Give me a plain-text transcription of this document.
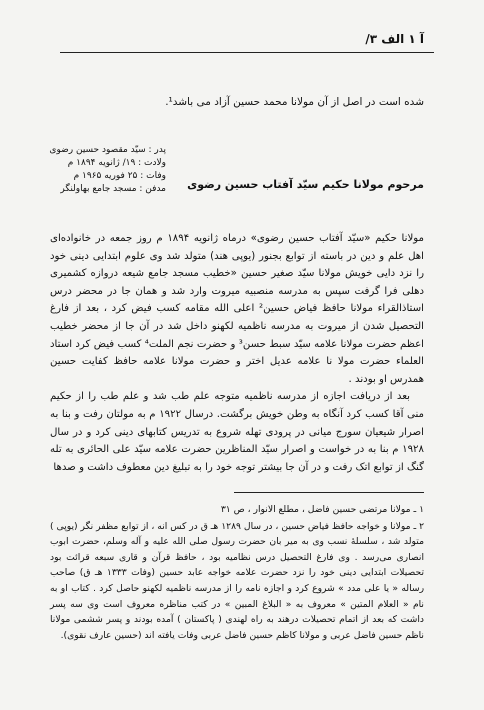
آ ۱ الف ۳/
شده است در اصل از آن مولانا محمد حسین آزاد می باشد¹.
پدر : سیّد مقصود حسین رضوی
ولادت : ۱۹/ ژانویه ۱۸۹۴ م
وفات : ۲۵ فوریه ۱۹۶۵ م
مدفن : مسجد جامع بهاولنگر	مرحوم مولانا حکیم سیّد آفتاب حسین رضوی

مولانا حکیم «سیّد آفتاب حسین رضوی» درماه ژانویه ۱۸۹۴ م روز جمعه در خانواده‌ای اهل علم و دین در باسته از توابع بجنور (یوپی هند) متولد شد وی علوم ابتدایی دینی خود را نزد دایی خویش مولانا سیّد صغیر حسین «خطیب مسجد جامع شیعه دروازه کشمیری دهلی فرا گرفت سپس به مدرسه منصبیه میروت وارد شد و همان جا در محضر درس استاذالقراء مولانا حافظ فیاض حسین² اعلی الله مقامه کسب فیض کرد ، بعد از فارغ التحصیل شدن از میروت به مدرسه ناظمیه لکهنو داخل شد در آن جا از محضر خطیب اعظم حضرت مولانا علامه سیّد سبط حسن³ و حضرت نجم الملت⁴ کسب فیض کرد استاد العلماء حضرت مولا نا علامه عدیل اختر و حضرت مولانا علامه حافظ کفایت حسین همدرس او بودند .

بعد از دریافت اجازه از مدرسه ناظمیه متوجه علم طب شد و علم طب را از حکیم منی آقا کسب کرد آنگاه به وطن خویش برگشت. درسال ۱۹۲۲ م به مولتان رفت و بنا به اصرار شیعیان سورج میانی در پرودی تهله شروع به تدریس کتابهای دینی کرد و در سال ۱۹۲۸ م بنا به در خواست و اصرار سیّد المناظرین حضرت علامه سیّد علی الحائری به تله گنگ از توابع اتک رفت و در آن جا بیشتر توجه خود را به تبلیغ دین معطوف داشت و صدها

۱ ـ مولانا مرتضی حسین فاضل ، مطلع الانوار ، ص ۳۱

۲ ـ مولانا و خواجه حافظ فیاض حسین ، در سال ۱۲۸۹ هـ ق در کس انه ، از توابع مظفر نگر (یوپی ) متولد شد ، سلسلهٔ نسب وی به میر بان حضرت رسول صلی الله علیه و آله وسلم، حضرت ابوب انصاری می‌رسد . وی فارغ التحصیل درس نظامیه بود ، حافظ قرآن و قاری سبعه قرائت بود تحصیلات ابتدایی دینی خود را نزد حضرت علامه خواجه عابد حسین (وفات ۱۳۳۳ هـ ق) صاحب رساله « یا علی مدد » شروع کرد و اجازه نامه را از مدرسه ناظمیه لکهنو حاصل کرد . کتاب او به نام « العلام المتین » معروف به « البلاغ المبین » در کتب مناظره معروف است وی سه پسر داشت که بعد از اتمام تحصیلات درهند به راه لهندی ( پاکستان ) آمده بودند و پسر ششمی مولانا ناظم حسین فاضل عربی و مولانا کاظم حسین فاضل عربی وفات یافته اند (حسین عارف نقوی).
